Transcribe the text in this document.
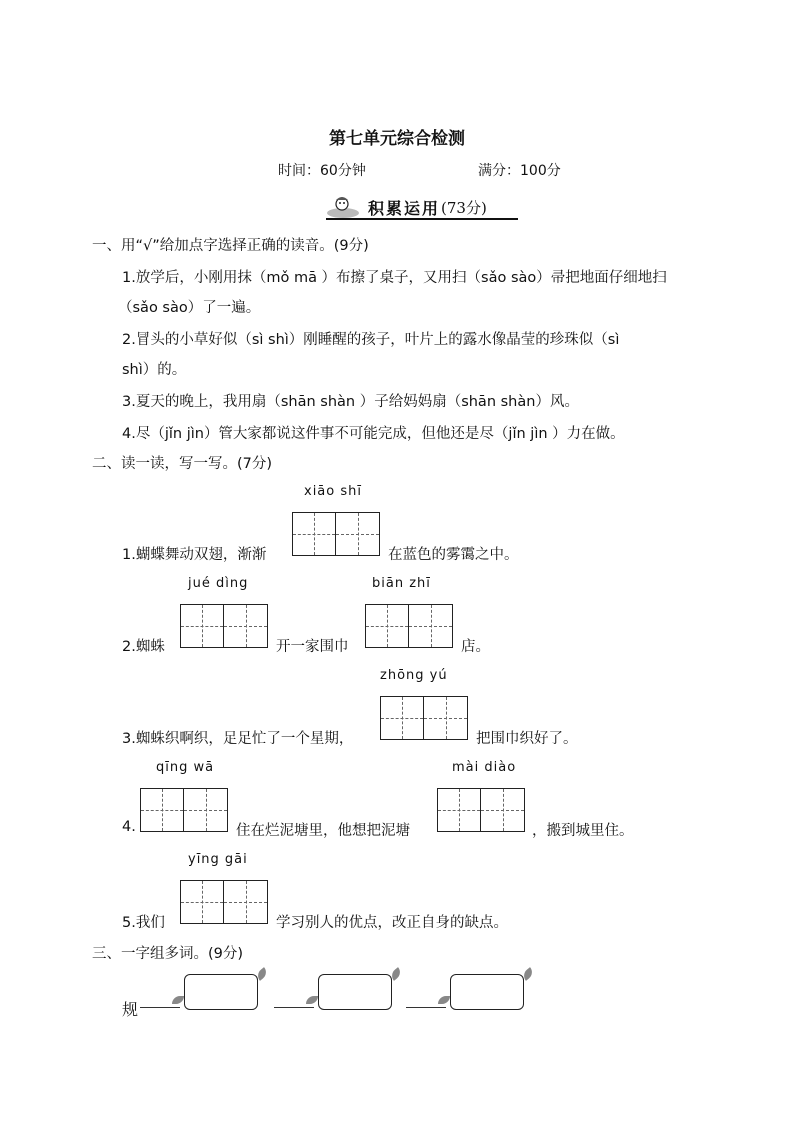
第七单元综合检测
时间：60分钟	满分：100分
积累运用 (73分)
一、用“√”给加点字选择正确的读音。(9分)
1.放学后，小刚用抹（mǒ mā ）布擦了桌子，又用扫（sǎo sào）帚把地面仔细地扫
（sǎo sào）了一遍。
2.冒头的小草好似（sì shì）刚睡醒的孩子，叶片上的露水像晶莹的珍珠似（sì
shì）的。
3.夏天的晚上，我用扇（shān shàn ）子给妈妈扇（shān shàn）风。
4.尽（jǐn jìn）管大家都说这件事不可能完成，但他还是尽（jǐn jìn ）力在做。
二、读一读，写一写。(7分)
xiāo shī
1.蝴蝶舞动双翅，渐渐	在蓝色的雾霭之中。
jué dìng	biān zhī
2.蜘蛛	开一家围巾	店。
zhōng yú
3.蜘蛛织啊织，足足忙了一个星期，	把围巾织好了。
qīng wā	mài diào
4.	住在烂泥塘里，他想把泥塘	，搬到城里住。
yīng gāi
5.我们	学习别人的优点，改正自身的缺点。
三、一字组多词。(9分)
规
